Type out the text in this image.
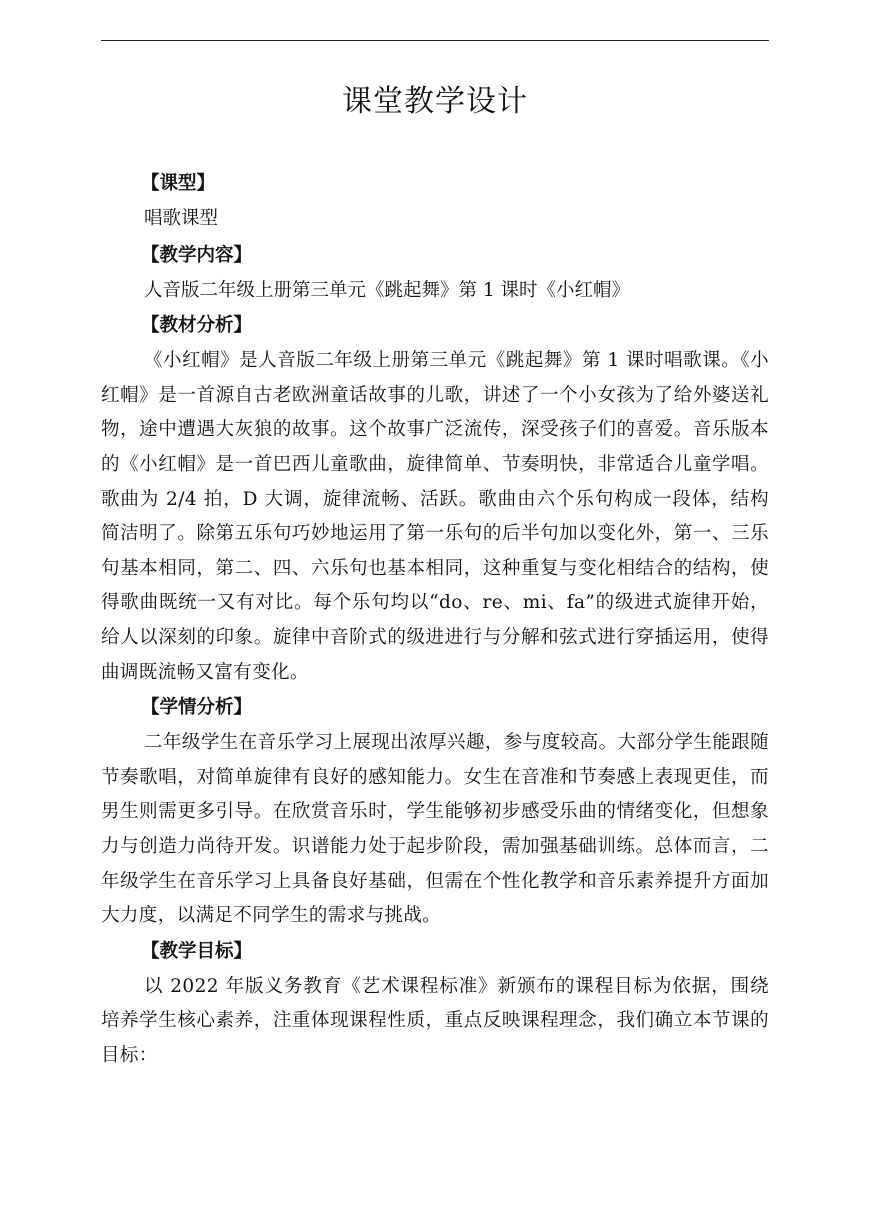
课堂教学设计

【课型】

唱歌课型

【教学内容】

人音版二年级上册第三单元《跳起舞》第 1 课时《小红帽》

【教材分析】

《小红帽》是人音版二年级上册第三单元《跳起舞》第 1 课时唱歌课。《小红帽》是一首源自古老欧洲童话故事的儿歌，讲述了一个小女孩为了给外婆送礼物，途中遭遇大灰狼的故事。这个故事广泛流传，深受孩子们的喜爱。音乐版本的《小红帽》是一首巴西儿童歌曲，旋律简单、节奏明快，非常适合儿童学唱。歌曲为 2/4 拍，D 大调，旋律流畅、活跃。歌曲由六个乐句构成一段体，结构简洁明了。除第五乐句巧妙地运用了第一乐句的后半句加以变化外，第一、三乐句基本相同，第二、四、六乐句也基本相同，这种重复与变化相结合的结构，使得歌曲既统一又有对比。每个乐句均以“do、re、mi、fa”的级进式旋律开始，给人以深刻的印象。旋律中音阶式的级进进行与分解和弦式进行穿插运用，使得曲调既流畅又富有变化。

【学情分析】

二年级学生在音乐学习上展现出浓厚兴趣，参与度较高。大部分学生能跟随节奏歌唱，对简单旋律有良好的感知能力。女生在音准和节奏感上表现更佳，而男生则需更多引导。在欣赏音乐时，学生能够初步感受乐曲的情绪变化，但想象力与创造力尚待开发。识谱能力处于起步阶段，需加强基础训练。总体而言，二年级学生在音乐学习上具备良好基础，但需在个性化教学和音乐素养提升方面加大力度，以满足不同学生的需求与挑战。

【教学目标】

以 2022 年版义务教育《艺术课程标准》新颁布的课程目标为依据，围绕培养学生核心素养，注重体现课程性质，重点反映课程理念，我们确立本节课的目标：
